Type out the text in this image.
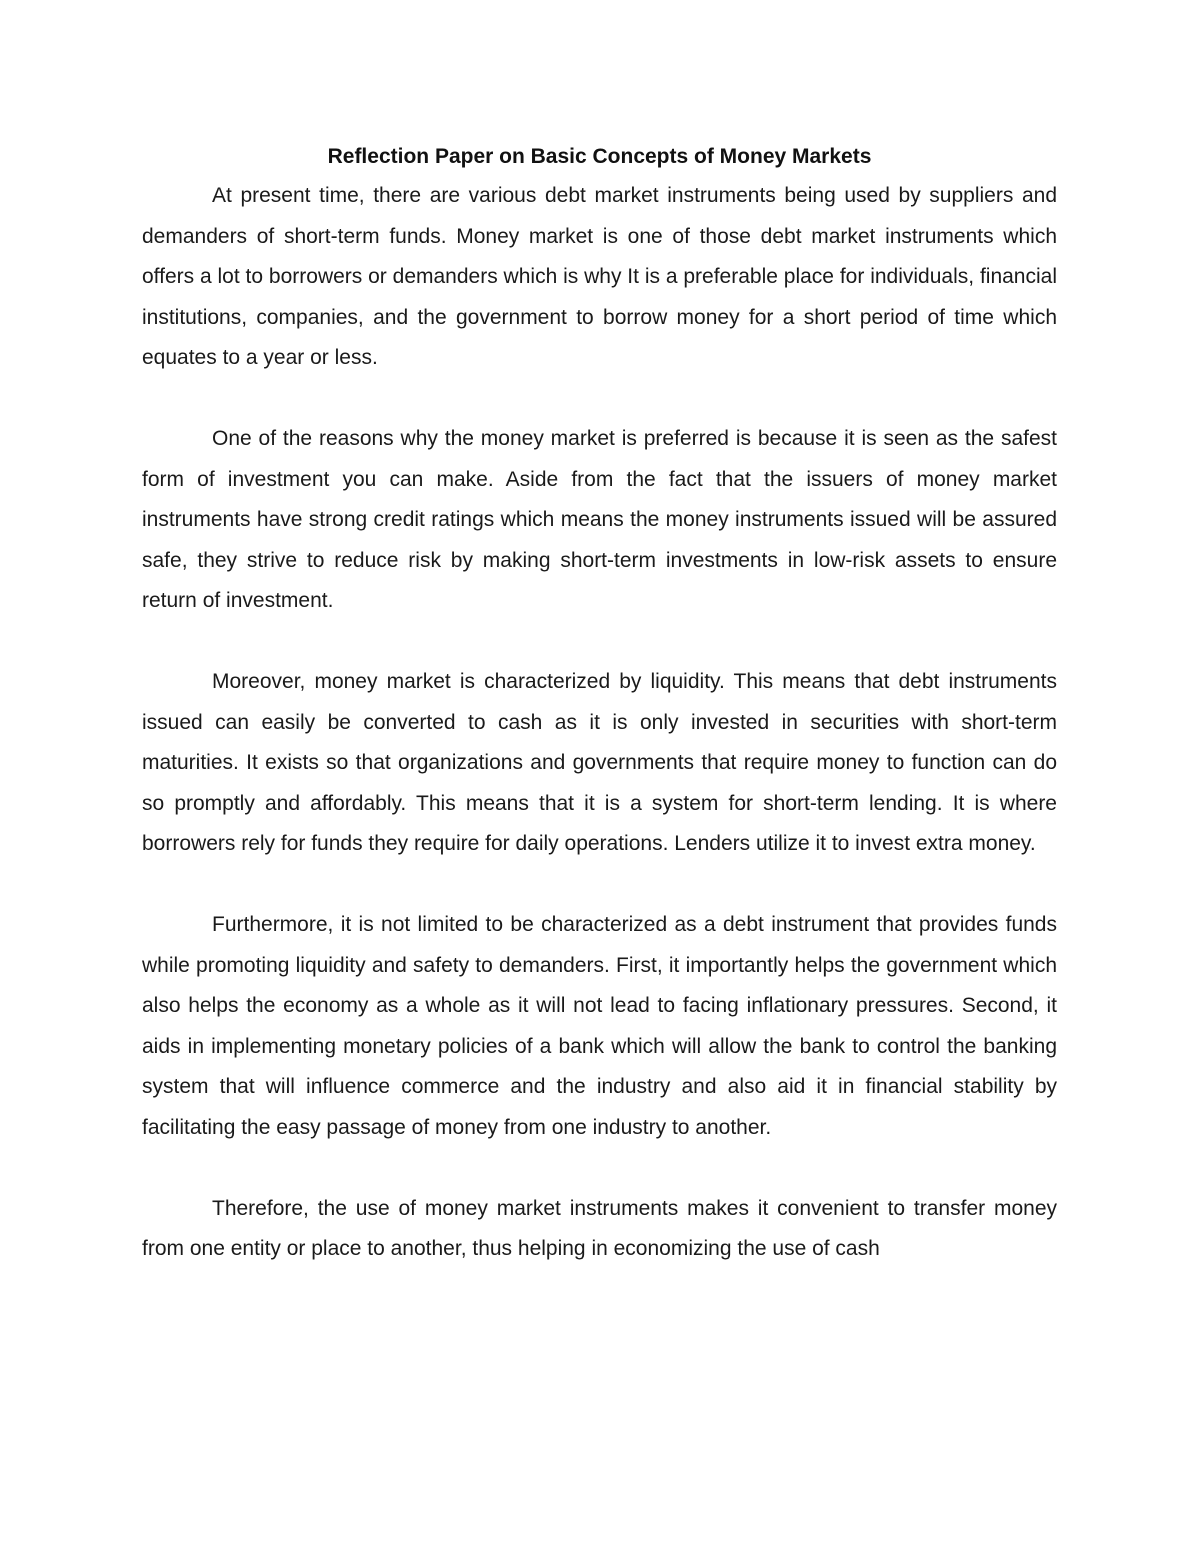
Reflection Paper on Basic Concepts of Money Markets

At present time, there are various debt market instruments being used by suppliers and demanders of short-term funds. Money market is one of those debt market instruments which offers a lot to borrowers or demanders which is why It is a preferable place for individuals, financial institutions, companies, and the government to borrow money for a short period of time which equates to a year or less.

One of the reasons why the money market is preferred is because it is seen as the safest form of investment you can make. Aside from the fact that the issuers of money market instruments have strong credit ratings which means the money instruments issued will be assured safe, they strive to reduce risk by making short-term investments in low-risk assets to ensure return of investment.

Moreover, money market is characterized by liquidity. This means that debt instruments issued can easily be converted to cash as it is only invested in securities with short-term maturities. It exists so that organizations and governments that require money to function can do so promptly and affordably. This means that it is a system for short-term lending. It is where borrowers rely for funds they require for daily operations. Lenders utilize it to invest extra money.

Furthermore, it is not limited to be characterized as a debt instrument that provides funds while promoting liquidity and safety to demanders. First, it importantly helps the government which also helps the economy as a whole as it will not lead to facing inflationary pressures. Second, it aids in implementing monetary policies of a bank which will allow the bank to control the banking system that will influence commerce and the industry and also aid it in financial stability by facilitating the easy passage of money from one industry to another.

Therefore, the use of money market instruments makes it convenient to transfer money from one entity or place to another, thus helping in economizing the use of cash
